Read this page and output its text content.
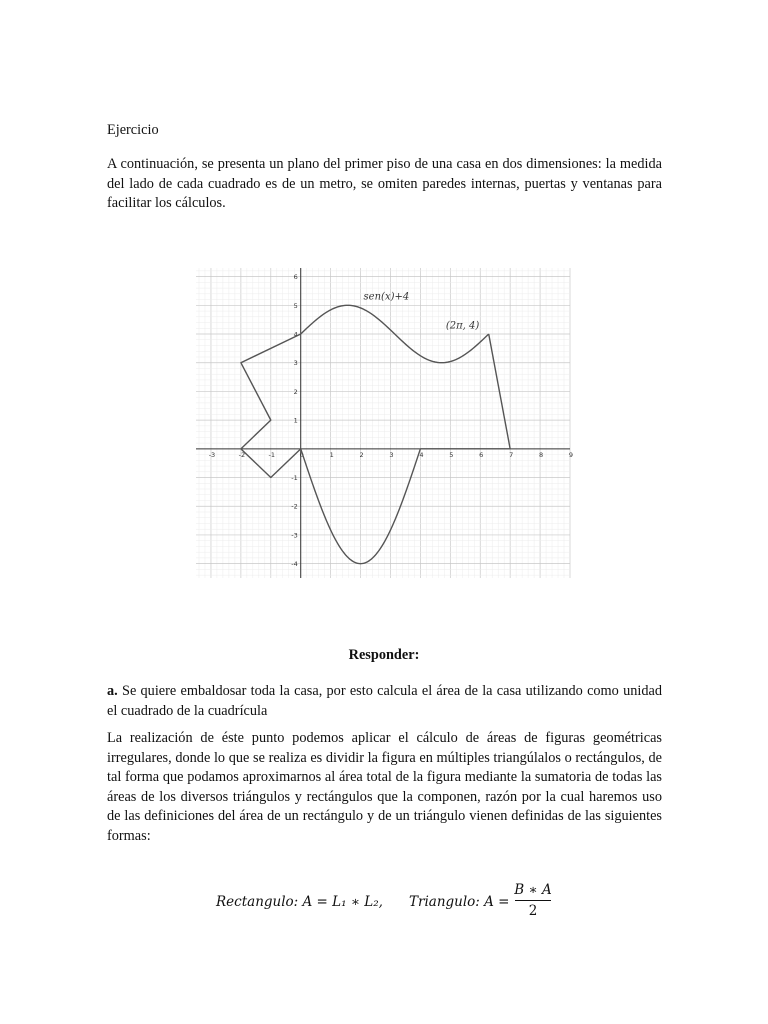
Ejercicio

A continuación, se presenta un plano del primer piso de una casa en dos dimensiones: la medida del lado de cada cuadrado es de un metro, se omiten paredes internas, puertas y ventanas para facilitar los cálculos.

-3	-2	-1	0	1	2	3	4	5	6	7	8	9
-4
-3
-2
-1
1
2
3
4
5
6
sen(x)+4
(2π, 4)
Responder:

a. Se quiere embaldosar toda la casa, por esto calcula el área de la casa utilizando como unidad el cuadrado de la cuadrícula

La realización de éste punto podemos aplicar el cálculo de áreas de figuras geométricas irregulares, donde lo que se realiza es dividir la figura en múltiples triangúlalos o rectángulos, de tal forma que podamos aproximarnos al área total de la figura mediante la sumatoria de todas las áreas de los diversos triángulos y rectángulos que la componen, razón por la cual haremos uso de las definiciones del área de un rectángulo y de un triángulo vienen definidas de las siguientes formas:

Rectangulo: A = L₁ ∗ L₂, Triangulo: A =
B ∗ A
2
